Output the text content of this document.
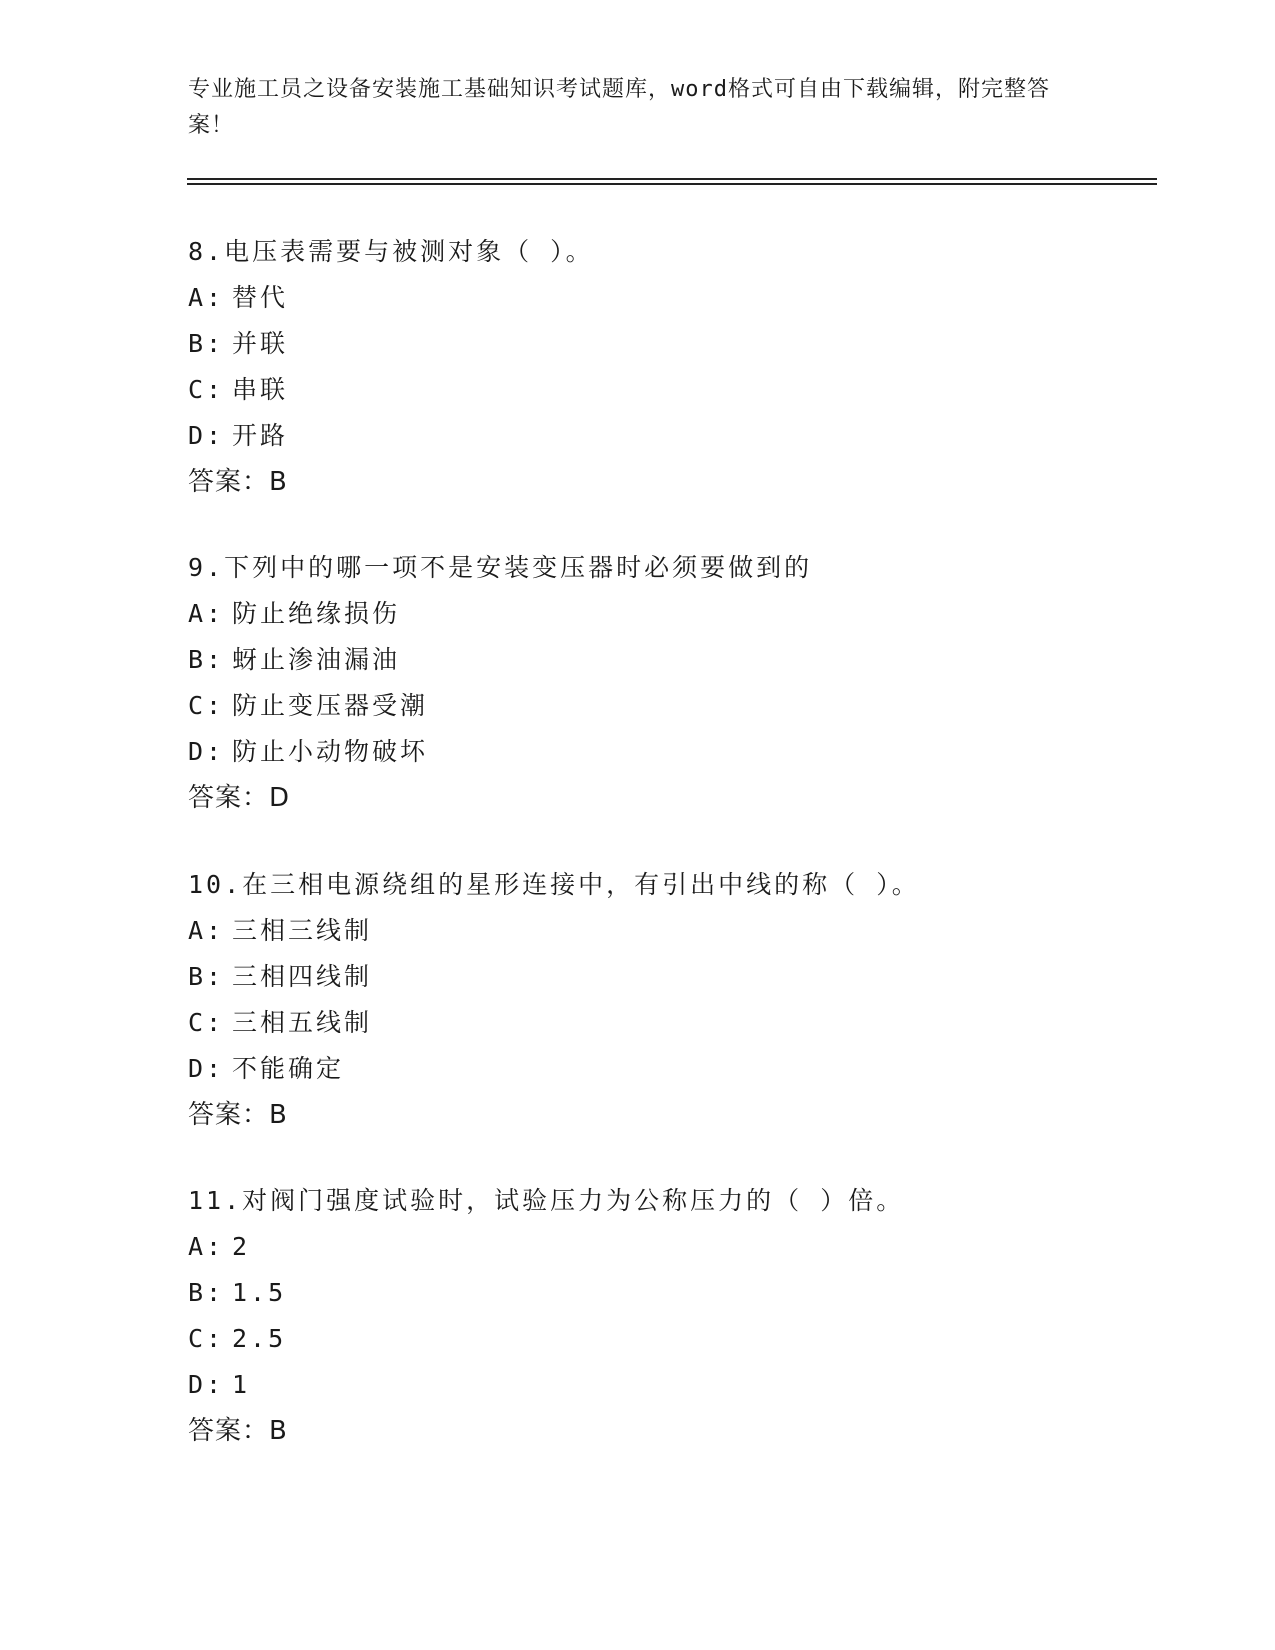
专业施工员之设备安装施工基础知识考试题库，word格式可自由下载编辑，附完整答案！
8.电压表需要与被测对象（ ）。
A: 替代
B: 并联
C: 串联
D: 开路
答案：B
9.下列中的哪一项不是安装变压器时必须要做到的
A: 防止绝缘损伤
B: 蚜止渗油漏油
C: 防止变压器受潮
D: 防止小动物破坏
答案：D
10.在三相电源绕组的星形连接中，有引出中线的称（ ）。
A: 三相三线制
B: 三相四线制
C: 三相五线制
D: 不能确定
答案：B
11.对阀门强度试验时，试验压力为公称压力的（ ）倍。
A: 2
B: 1.5
C: 2.5
D: 1
答案：B
